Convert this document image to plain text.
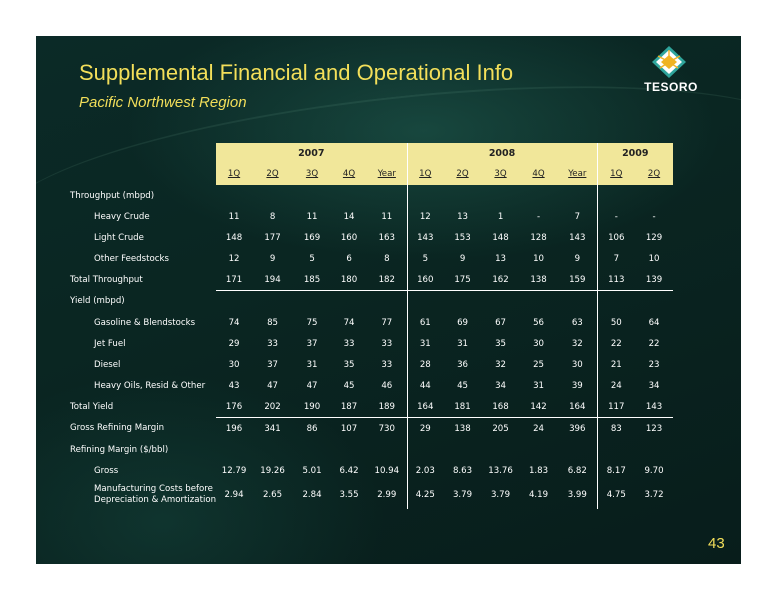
Supplemental Financial and Operational Info
Pacific Northwest Region
TESORO
	2007					2008					2009	
	1Q	2Q	3Q	4Q	Year	1Q	2Q	3Q	4Q	Year	1Q	2Q
Throughput (mbpd)												
Heavy Crude	11	8	11	14	11	12	13	1	-	7	-	-
Light Crude	148	177	169	160	163	143	153	148	128	143	106	129
Other Feedstocks	12	9	5	6	8	5	9	13	10	9	7	10
Total Throughput	171	194	185	180	182	160	175	162	138	159	113	139
Yield (mbpd)												
Gasoline & Blendstocks	74	85	75	74	77	61	69	67	56	63	50	64
Jet Fuel	29	33	37	33	33	31	31	35	30	32	22	22
Diesel	30	37	31	35	33	28	36	32	25	30	21	23
Heavy Oils, Resid & Other	43	47	47	45	46	44	45	34	31	39	24	34
Total Yield	176	202	190	187	189	164	181	168	142	164	117	143
Gross Refining Margin	196	341	86	107	730	29	138	205	24	396	83	123
Refining Margin ($/bbl)												
Gross	12.79	19.26	5.01	6.42	10.94	2.03	8.63	13.76	1.83	6.82	8.17	9.70
Manufacturing Costs before
Depreciation & Amortization	2.94	2.65	2.84	3.55	2.99	4.25	3.79	3.79	4.19	3.99	4.75	3.72
43
